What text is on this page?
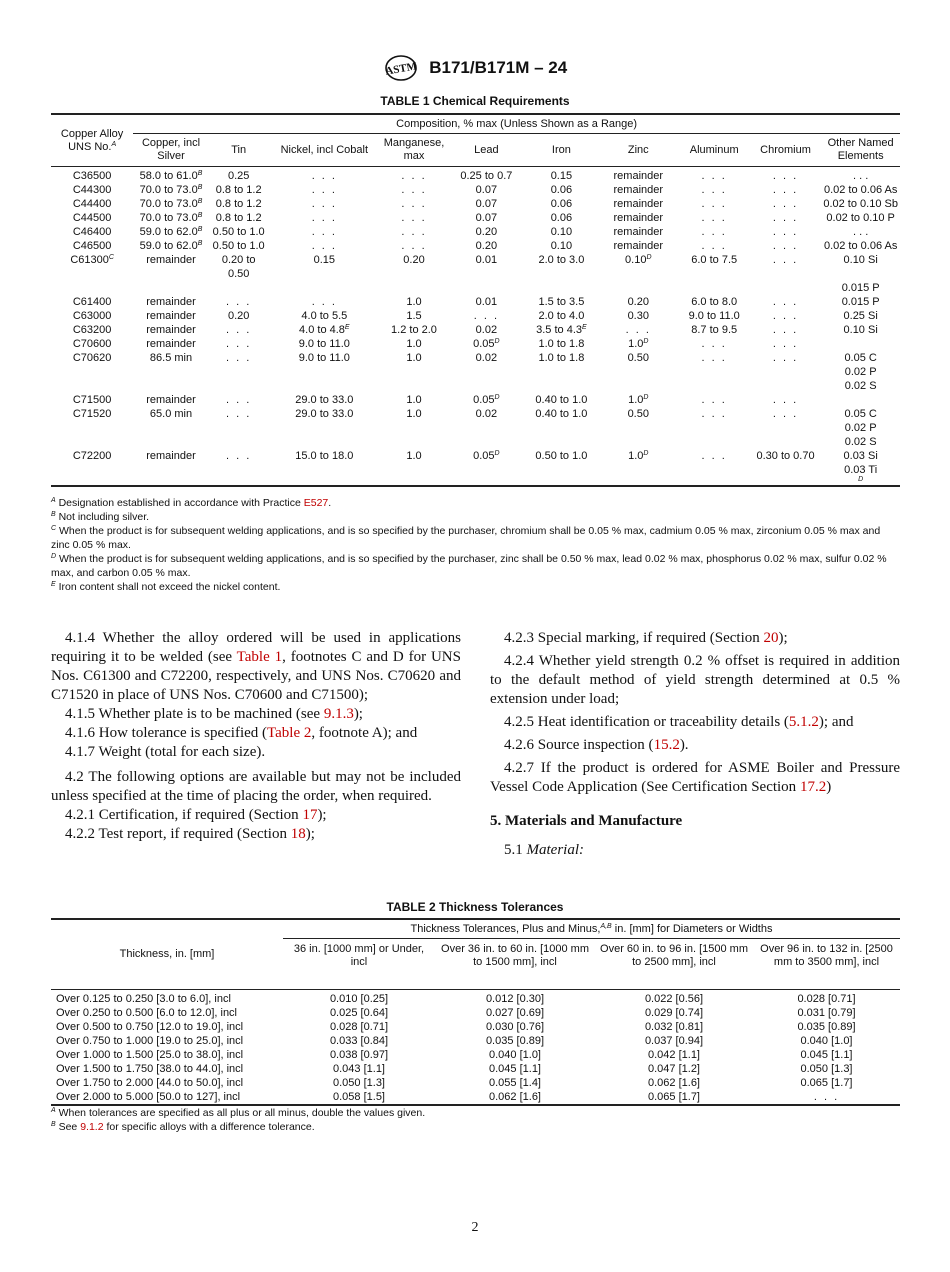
ASTM B171/B171M – 24
TABLE 1 Chemical Requirements
Copper Alloy UNS No.$^A$	Composition, % max (Unless Shown as a Range)									
	Copper, incl Silver	Tin	Nickel, incl Cobalt	Manganese, max	Lead	Iron	Zinc	Aluminum	Chromium	Other Named Elements
C36500	58.0 to $61.0^B$	0.25	. . .	. . .	0.25 to 0.7	0.15	remainder	. . .	. . .	. . .

C44300	70.0 to $73.0^B$	0.8 to 1.2	. . .	. . .	0.07	0.06	remainder	. . .	. . .	0.02 to 0.06 As

C44400	70.0 to $73.0^B$	0.8 to 1.2	. . .	. . .	0.07	0.06	remainder	. . .	. . .	0.02 to 0.10 Sb

C44500	70.0 to $73.0^B$	0.8 to 1.2	. . .	. . .	0.07	0.06	remainder	. . .	. . .	0.02 to 0.10 P

C46400	59.0 to $62.0^B$	0.50 to 1.0	. . .	. . .	0.20	0.10	remainder	. . .	. . .	. . .

C46500	59.0 to $62.0^B$	0.50 to 1.0	. . .	. . .	0.20	0.10	remainder	. . .	. . .	0.02 to 0.06 As

$C61300^C$	remainder	0.20 to 0.50	0.15	0.20	0.01	2.0 to 3.0	$0.10^D$	6.0 to 7.5	. . .	0.10 Si
0.015 P

C61400	remainder	. . .	. . .	1.0	0.01	1.5 to 3.5	0.20	6.0 to 8.0	. . .	0.015 P

C63000	remainder	0.20	4.0 to 5.5	1.5	. . .	2.0 to 4.0	0.30	9.0 to 11.0	. . .	0.25 Si

C63200	remainder	. . .	4.0 to $4.8^E$	1.2 to 2.0	0.02	3.5 to $4.3^E$	. . .	8.7 to 9.5	. . .	0.10 Si

C70600	remainder	. . .	9.0 to 11.0	1.0	$0.05^D$	1.0 to 1.8	$1.0^D$	. . .	. . .	

C70620	86.5 min	. . .	9.0 to 11.0	1.0	0.02	1.0 to 1.8	0.50	. . .	. . .	0.05 C
0.02 P
0.02 S

C71500	remainder	. . .	29.0 to 33.0	1.0	$0.05^D$	0.40 to 1.0	$1.0^D$	. . .	. . .	

C71520	65.0 min	. . .	29.0 to 33.0	1.0	0.02	0.40 to 1.0	0.50	. . .	. . .	0.05 C
0.02 P
0.02 S

C72200	remainder	. . .	15.0 to 18.0	1.0	$0.05^D$	0.50 to 1.0	$1.0^D$	. . .	0.30 to 0.70	0.03 Si
0.03 Ti
D

$^A$ Designation established in accordance with Practice E527.

$^B$ Not including silver.

$^C$ When the product is for subsequent welding applications, and is so specified by the purchaser, chromium shall be 0.05 % max, cadmium 0.05 % max, zirconium 0.05 % max and zinc 0.05 % max.

$^D$ When the product is for subsequent welding applications, and is so specified by the purchaser, zinc shall be 0.50 % max, lead 0.02 % max, phosphorus 0.02 % max, sulfur 0.02 % max, and carbon 0.05 % max.

$^E$ Iron content shall not exceed the nickel content.

4.1.4 Whether the alloy ordered will be used in applications requiring it to be welded (see Table 1, footnotes C and D for UNS Nos. C61300 and C72200, respectively, and UNS Nos. C70620 and C71520 in place of UNS Nos. C70600 and C71500);

4.1.5 Whether plate is to be machined (see 9.1.3);

4.1.6 How tolerance is specified (Table 2, footnote A); and

4.1.7 Weight (total for each size).

4.2 The following options are available but may not be included unless specified at the time of placing the order, when required.

4.2.1 Certification, if required (Section 17);

4.2.2 Test report, if required (Section 18);

4.2.3 Special marking, if required (Section 20);

4.2.4 Whether yield strength 0.2 % offset is required in addition to the default method of yield strength determined at 0.5 % extension under load;

4.2.5 Heat identification or traceability details (5.1.2); and

4.2.6 Source inspection (15.2).

4.2.7 If the product is ordered for ASME Boiler and Pressure Vessel Code Application (See Certification Section 17.2)

5. Materials and Manufacture

5.1 Material:

TABLE 2 Thickness Tolerances
Thickness, in. [mm]	Thickness Tolerances, Plus and Minus,$^{A,B}$ in. [mm] for Diameters or Widths			
	36 in. [1000 mm] or Under, incl	Over 36 in. to 60 in. [1000 mm to 1500 mm], incl	Over 60 in. to 96 in. [1500 mm to 2500 mm], incl	Over 96 in. to 132 in. [2500 mm to 3500 mm], incl
Over 0.125 to 0.250 [3.0 to 6.0], incl	0.010 [0.25]	0.012 [0.30]	0.022 [0.56]	0.028 [0.71]
Over 0.250 to 0.500 [6.0 to 12.0], incl	0.025 [0.64]	0.027 [0.69]	0.029 [0.74]	0.031 [0.79]
Over 0.500 to 0.750 [12.0 to 19.0], incl	0.028 [0.71]	0.030 [0.76]	0.032 [0.81]	0.035 [0.89]
Over 0.750 to 1.000 [19.0 to 25.0], incl	0.033 [0.84]	0.035 [0.89]	0.037 [0.94]	0.040 [1.0]
Over 1.000 to 1.500 [25.0 to 38.0], incl	0.038 [0.97]	0.040 [1.0]	0.042 [1.1]	0.045 [1.1]
Over 1.500 to 1.750 [38.0 to 44.0], incl	0.043 [1.1]	0.045 [1.1]	0.047 [1.2]	0.050 [1.3]
Over 1.750 to 2.000 [44.0 to 50.0], incl	0.050 [1.3]	0.055 [1.4]	0.062 [1.6]	0.065 [1.7]
Over 2.000 to 5.000 [50.0 to 127], incl	0.058 [1.5]	0.062 [1.6]	0.065 [1.7]	. . .

$^A$ When tolerances are specified as all plus or all minus, double the values given.

$^B$ See 9.1.2 for specific alloys with a difference tolerance.

2
